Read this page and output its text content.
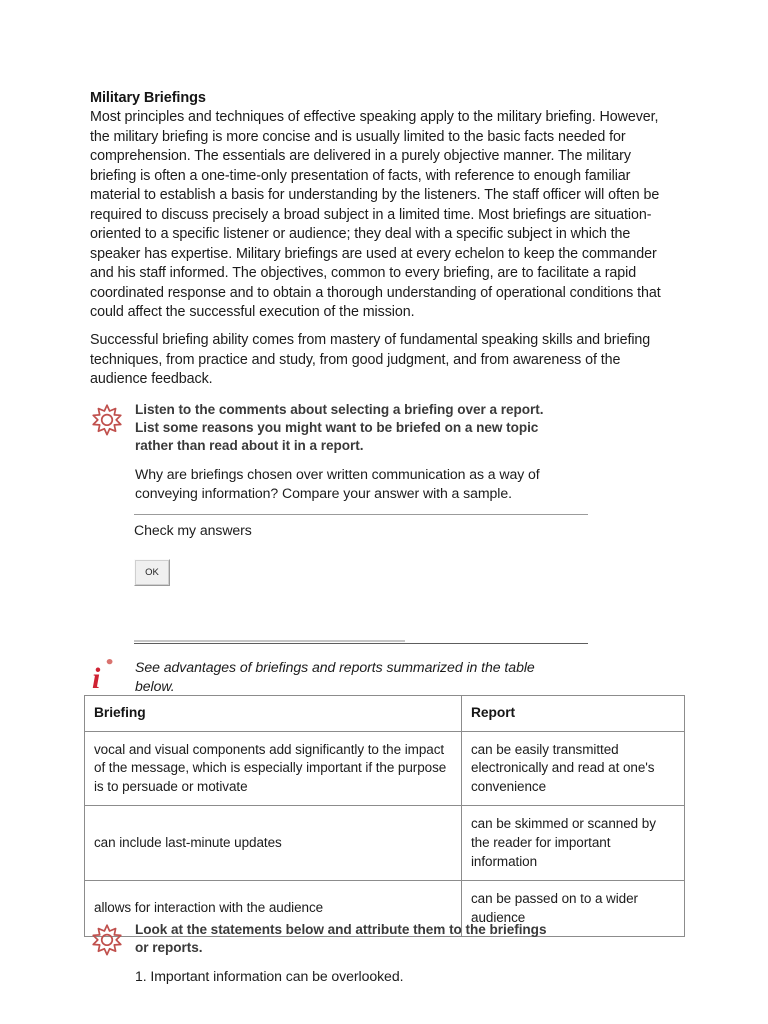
Military Briefings
Most principles and techniques of effective speaking apply to the military briefing. However, the military briefing is more concise and is usually limited to the basic facts needed for comprehension. The essentials are delivered in a purely objective manner. The military briefing is often a one-time-only presentation of facts, with reference to enough familiar material to establish a basis for understanding by the listeners. The staff officer will often be required to discuss precisely a broad subject in a limited time. Most briefings are situation-oriented to a specific listener or audience; they deal with a specific subject in which the speaker has expertise. Military briefings are used at every echelon to keep the commander and his staff informed. The objectives, common to every briefing, are to facilitate a rapid coordinated response and to obtain a thorough understanding of operational conditions that could affect the successful execution of the mission.
Successful briefing ability comes from mastery of fundamental speaking skills and briefing techniques, from practice and study, from good judgment, and from awareness of the audience feedback.
Listen to the comments about selecting a briefing over a report. List some reasons you might want to be briefed on a new topic rather than read about it in a report.
Why are briefings chosen over written communication as a way of conveying information? Compare your answer with a sample.
Check my answers
OK
i See advantages of briefings and reports summarized in the table below.
Briefing	Report
vocal and visual components add significantly to the impact of the message, which is especially important if the purpose is to persuade or motivate	can be easily transmitted electronically and read at one's convenience
can include last-minute updates	can be skimmed or scanned by the reader for important information
allows for interaction with the audience	can be passed on to a wider audience
Look at the statements below and attribute them to the briefings or reports.
1. Important information can be overlooked.
